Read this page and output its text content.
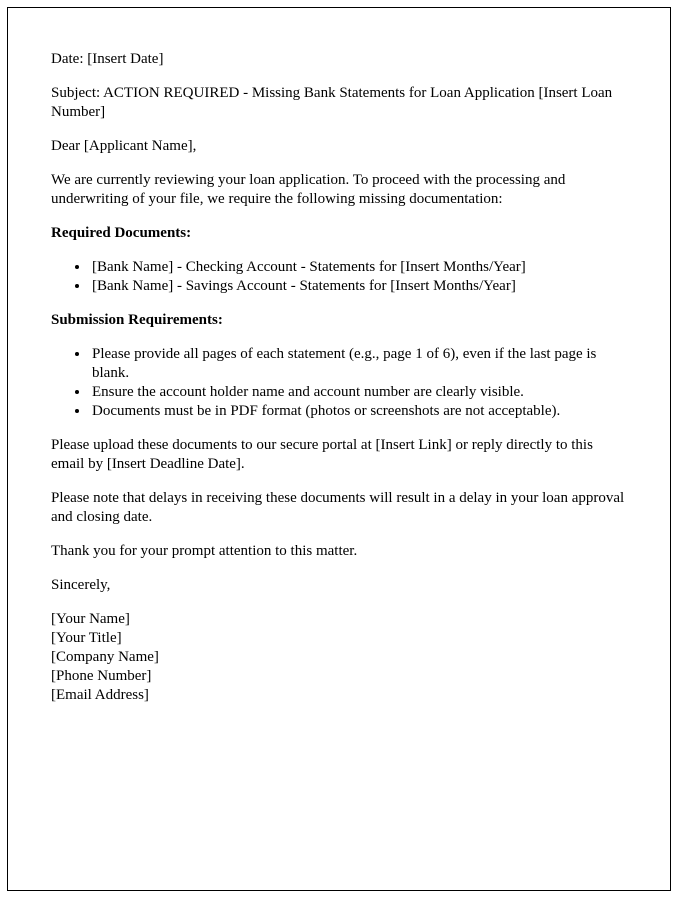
Date: [Insert Date]

Subject: ACTION REQUIRED - Missing Bank Statements for Loan Application [Insert Loan Number]

Dear [Applicant Name],

We are currently reviewing your loan application. To proceed with the processing and underwriting of your file, we require the following missing documentation:

Required Documents:

• [Bank Name] - Checking Account - Statements for [Insert Months/Year]
• [Bank Name] - Savings Account - Statements for [Insert Months/Year]

Submission Requirements:

• Please provide all pages of each statement (e.g., page 1 of 6), even if the last page is blank.
• Ensure the account holder name and account number are clearly visible.
• Documents must be in PDF format (photos or screenshots are not acceptable).

Please upload these documents to our secure portal at [Insert Link] or reply directly to this email by [Insert Deadline Date].

Please note that delays in receiving these documents will result in a delay in your loan approval and closing date.

Thank you for your prompt attention to this matter.

Sincerely,

[Your Name]

[Your Title]

[Company Name]

[Phone Number]

[Email Address]
